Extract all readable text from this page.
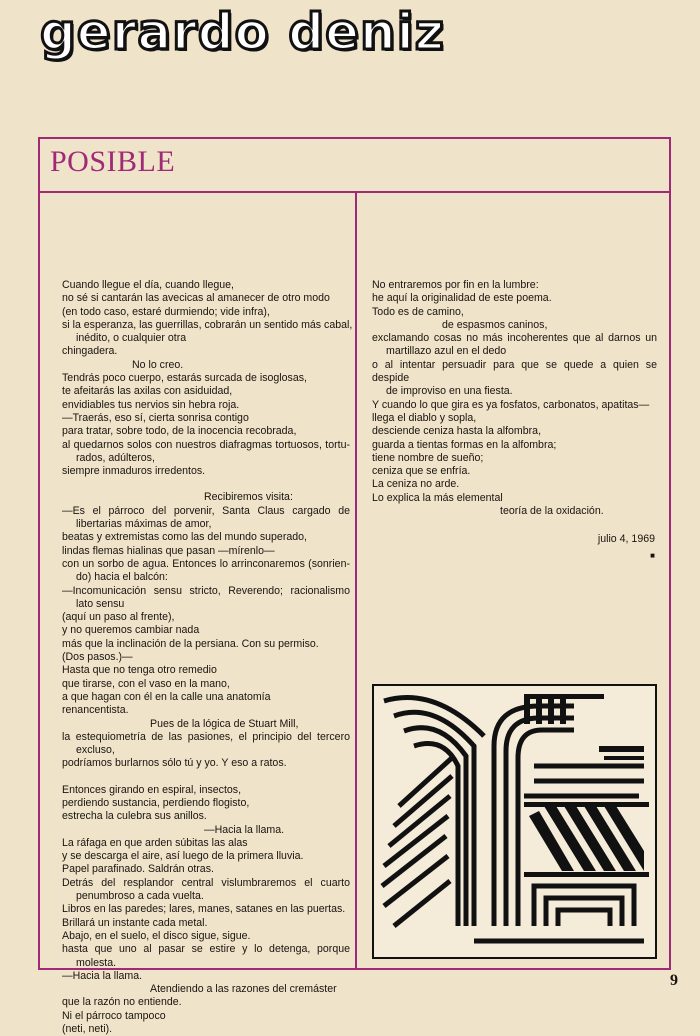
gerardo deniz
POSIBLE
Cuando llegue el día, cuando llegue,
no sé si cantarán las avecicas al amanecer de otro modo
(en todo caso, estaré durmiendo; vide infra),
si la esperanza, las guerrillas, cobrarán un sentido más cabal,
inédito, o cualquier otra
chingadera.
No lo creo.
Tendrás poco cuerpo, estarás surcada de isoglosas,
te afeitarás las axilas con asiduidad,
envidiables tus nervios sin hebra roja.
—Traerás, eso sí, cierta sonrisa contigo
para tratar, sobre todo, de la inocencia recobrada,
al quedarnos solos con nuestros diafragmas tortuosos, tortu-
rados, adúlteros,
siempre inmaduros irredentos.
Recibiremos visita:
—Es el párroco del porvenir, Santa Claus cargado de
libertarias máximas de amor,
beatas y extremistas como las del mundo superado,
lindas flemas hialinas que pasan —mírenlo—
con un sorbo de agua. Entonces lo arrinconaremos (sonrien-
do) hacia el balcón:
—Incomunicación sensu stricto, Reverendo; racionalismo
lato sensu
(aquí un paso al frente),
y no queremos cambiar nada
más que la inclinación de la persiana. Con su permiso.
(Dos pasos.)—
Hasta que no tenga otro remedio
que tirarse, con el vaso en la mano,
a que hagan con él en la calle una anatomía
renancentista.
Pues de la lógica de Stuart Mill,
la estequiometría de las pasiones, el principio del tercero
excluso,
podríamos burlarnos sólo tú y yo. Y eso a ratos.
Entonces girando en espiral, insectos,
perdiendo sustancia, perdiendo flogisto,
estrecha la culebra sus anillos.
—Hacia la llama.
La ráfaga en que arden súbitas las alas
y se descarga el aire, así luego de la primera lluvia.
Papel parafinado. Saldrán otras.
Detrás del resplandor central vislumbraremos el cuarto
penumbroso a cada vuelta.
Libros en las paredes; lares, manes, satanes en las puertas.
Brillará un instante cada metal.
Abajo, en el suelo, el disco sigue, sigue.
hasta que uno al pasar se estire y lo detenga, porque
molesta.
—Hacia la llama.
Atendiendo a las razones del cremáster
que la razón no entiende.
Ni el párroco tampoco
(neti, neti).
No entraremos por fin en la lumbre:
he aquí la originalidad de este poema.
Todo es de camino,
de espasmos caninos,
exclamando cosas no más incoherentes que al darnos un
martillazo azul en el dedo
o al intentar persuadir para que se quede a quien se despide
de improviso en una fiesta.
Y cuando lo que gira es ya fosfatos, carbonatos, apatitas—
llega el diablo y sopla,
desciende ceniza hasta la alfombra,
guarda a tientas formas en la alfombra;
tiene nombre de sueño;
ceniza que se enfría.
La ceniza no arde.
Lo explica la más elemental
teoría de la oxidación.
julio 4, 1969
■
9
